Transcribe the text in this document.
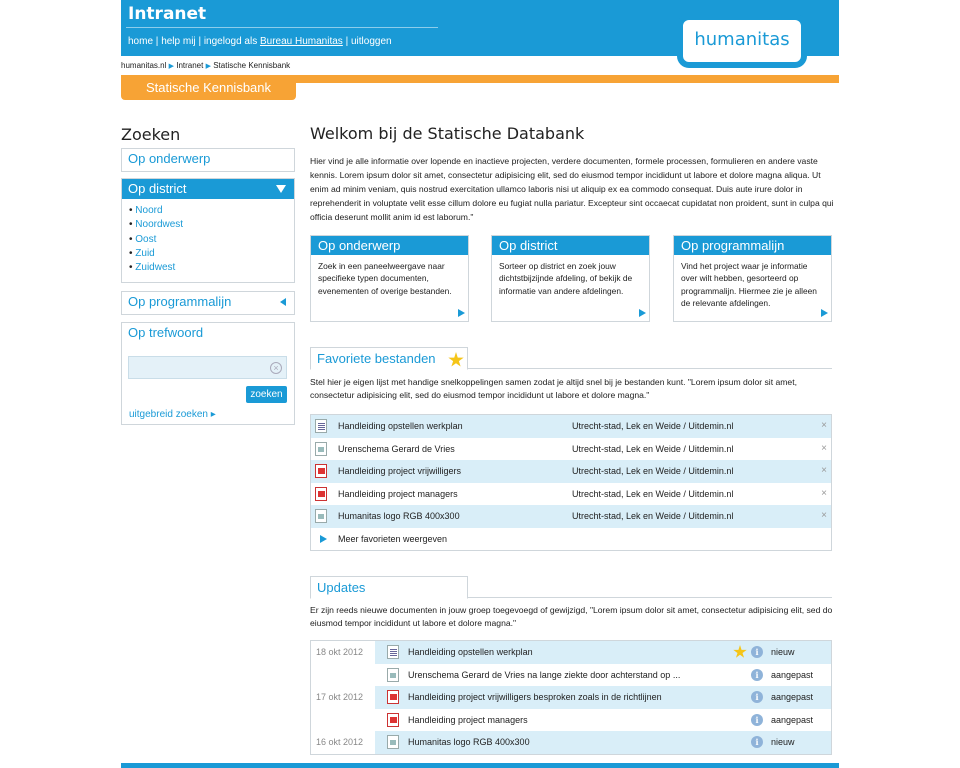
Intranet
home | help mij | ingelogd als Bureau Humanitas | uitloggen	humanitas
humanitas.nl ▶ Intranet ▶ Statische Kennisbank
Statische Kennisbank
Zoeken
Op onderwerp
Op district
• Noord
• Noordwest
• Oost
• Zuid
• Zuidwest
Op programmalijn
Op trefwoord
×
zoeken
uitgebreid zoeken ▸
Welkom bij de Statische Databank
Hier vind je alle informatie over lopende en inactieve projecten, verdere documenten, formele processen, formulieren en andere vaste kennis. Lorem ipsum dolor sit amet, consectetur adipisicing elit, sed do eiusmod tempor incididunt ut labore et dolore magna aliqua. Ut enim ad minim veniam, quis nostrud exercitation ullamco laboris nisi ut aliquip ex ea commodo consequat. Duis aute irure dolor in reprehenderit in voluptate velit esse cillum dolore eu fugiat nulla pariatur. Excepteur sint occaecat cupidatat non proident, sunt in culpa qui officia deserunt mollit anim id est laborum."
Op onderwerp
Zoek in een paneelweergave naar specifieke typen documenten, evenementen of overige bestanden.
Op district
Sorteer op district en zoek jouw dichtstbijzijnde afdeling, of bekijk de informatie van andere afdelingen.
Op programmalijn
Vind het project waar je informatie over wilt hebben, gesorteerd op programmalijn. Hiermee zie je alleen de relevante afdelingen.
Favoriete bestanden
Stel hier je eigen lijst met handige snelkoppelingen samen zodat je altijd snel bij je bestanden kunt. "Lorem ipsum dolor sit amet, consectetur adipisicing elit, sed do eiusmod tempor incididunt ut labore et dolore magna."
Handleiding opstellen werkplan	Utrecht-stad, Lek en Weide / Uitdemin.nl	×
Urenschema Gerard de Vries	Utrecht-stad, Lek en Weide / Uitdemin.nl	×
Handleiding project vrijwilligers	Utrecht-stad, Lek en Weide / Uitdemin.nl	×
Handleiding project managers	Utrecht-stad, Lek en Weide / Uitdemin.nl	×
Humanitas logo RGB 400x300	Utrecht-stad, Lek en Weide / Uitdemin.nl	×
Meer favorieten weergeven
Updates
Er zijn reeds nieuwe documenten in jouw groep toegevoegd of gewijzigd, "Lorem ipsum dolor sit amet, consectetur adipisicing elit, sed do eiusmod tempor incididunt ut labore et dolore magna."
18 okt 2012	Handleiding opstellen werkplan	i	nieuw
Urenschema Gerard de Vries na lange ziekte door achterstand op ...	i	aangepast
17 okt 2012	Handleiding project vrijwilligers besproken zoals in de richtlijnen	i	aangepast
Handleiding project managers	i	aangepast
16 okt 2012	Humanitas logo RGB 400x300	i	nieuw
